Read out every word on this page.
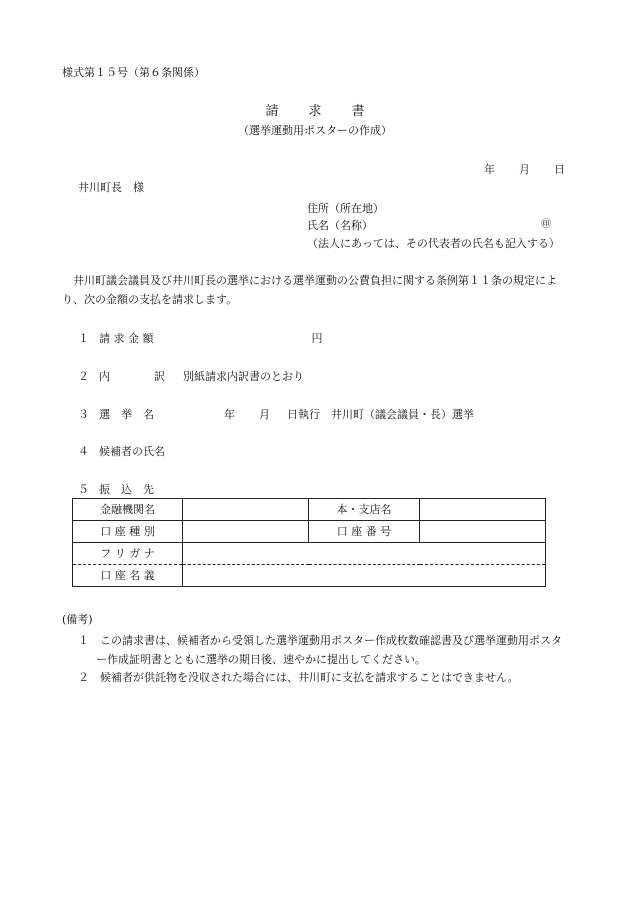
様式第１５号（第６条関係）
請 求 書
（選挙運動用ポスターの作成）
年 月 日
井川町長　様
住所（所在地）
氏名（名称）	㊞
（法人にあっては、その代表者の氏名も記入する）
井川町議会議員及び井川町長の選挙における選挙運動の公費負担に関する条例第１１条の規定により、次の金額の支払を請求します。
１ 請 求 金 額	円
２ 内	訳 別紙請求内訳書のとおり
３ 選　挙　名	年 月 日執行　井川町（議会議員・長）選挙
４ 候補者の氏名
５ 振　込　先
金融機関名		本・支店名	
口 座 種 別		口 座 番 号	
フ リ ガ ナ			
口 座 名 義			
(備考)
１　 この請求書は、候補者から受領した選挙運動用ポスター作成枚数確認書及び選挙運動用ポスタ
ー作成証明書とともに選挙の期日後、速やかに提出してください。
２　 候補者が供託物を没収された場合には、井川町に支払を請求することはできません。
